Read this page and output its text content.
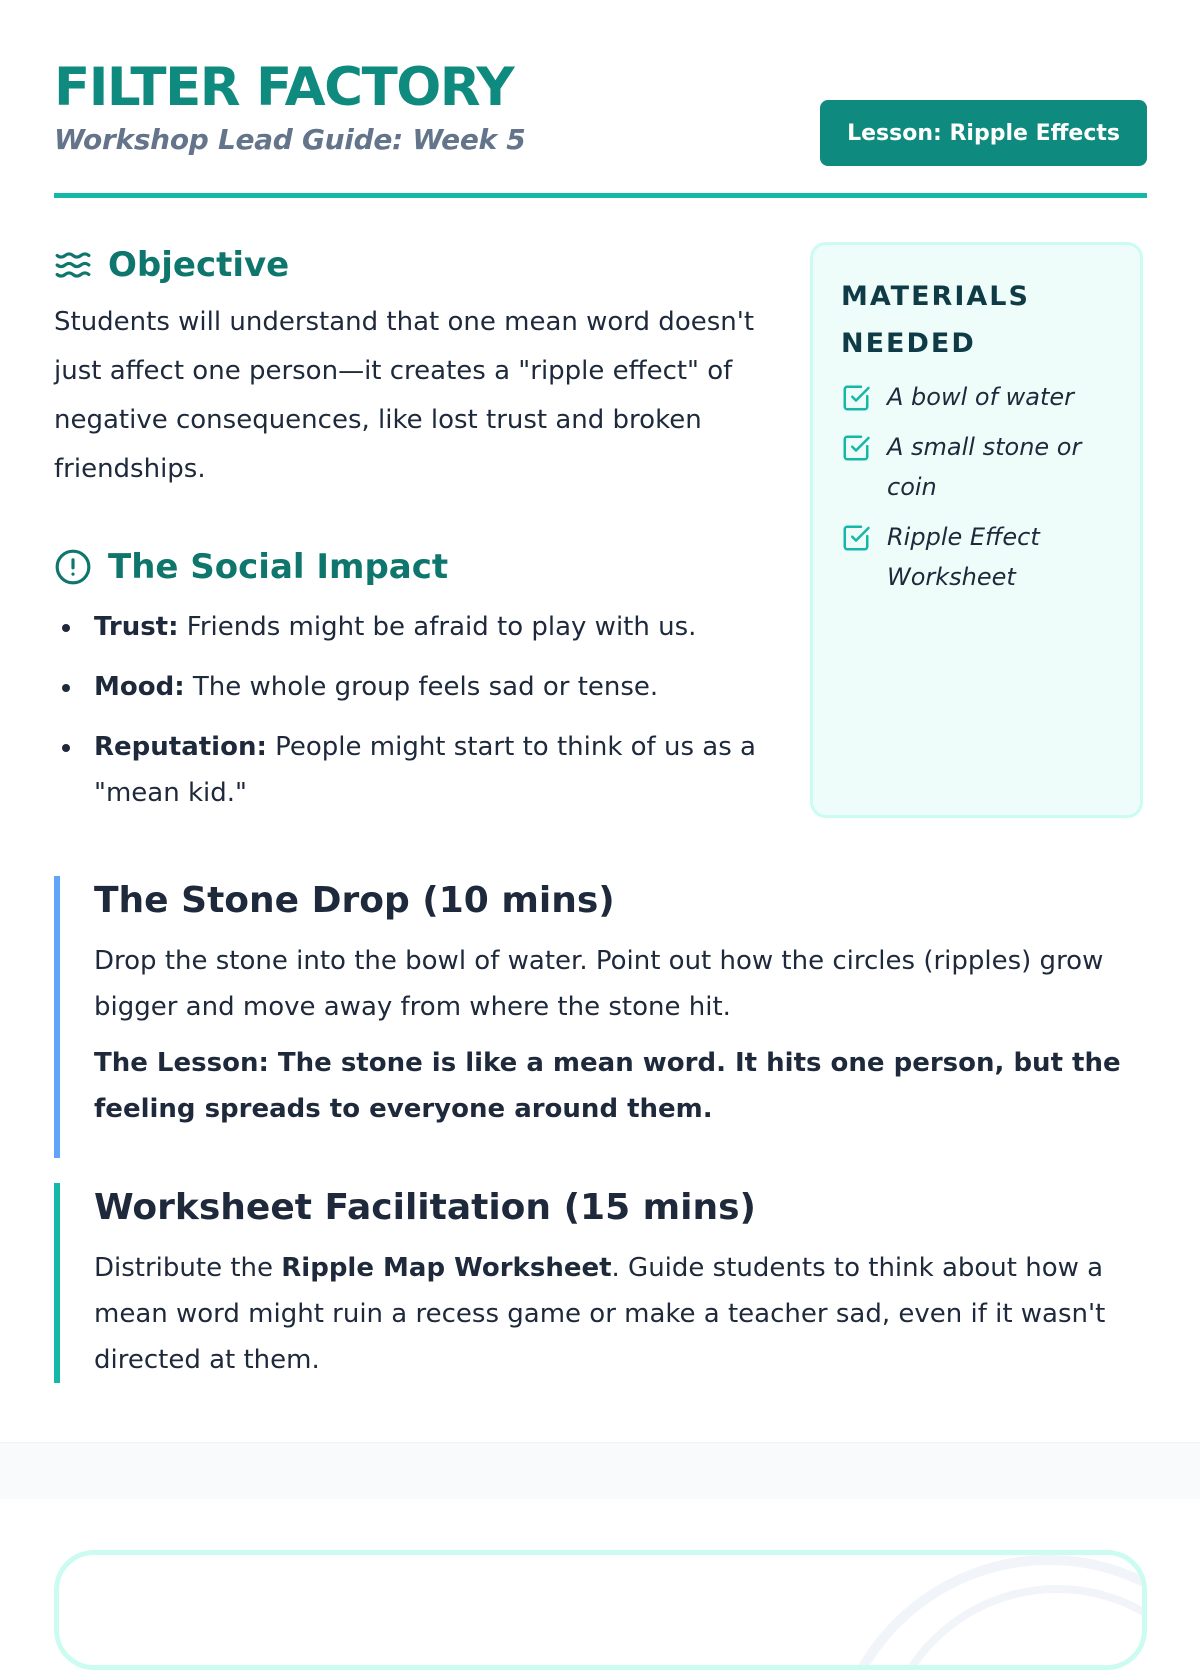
FILTER FACTORY

Workshop Lead Guide: Week 5	Lesson: Ripple Effects
Objective

Students will understand that one mean word doesn't just affect one person—it creates a "ripple effect" of negative consequences, like lost trust and broken friendships.

The Social Impact
Trust: Friends might be afraid to play with us.
Mood: The whole group feels sad or tense.
Reputation: People might start to think of us as a "mean kid."
MATERIALS NEEDED
A bowl of water
A small stone or coin
Ripple Effect Worksheet
The Stone Drop (10 mins)

Drop the stone into the bowl of water. Point out how the circles (ripples) grow bigger and move away from where the stone hit.

The Lesson: The stone is like a mean word. It hits one person, but the feeling spreads to everyone around them.

Worksheet Facilitation (15 mins)

Distribute the Ripple Map Worksheet. Guide students to think about how a mean word might ruin a recess game or make a teacher sad, even if it wasn't directed at them.
